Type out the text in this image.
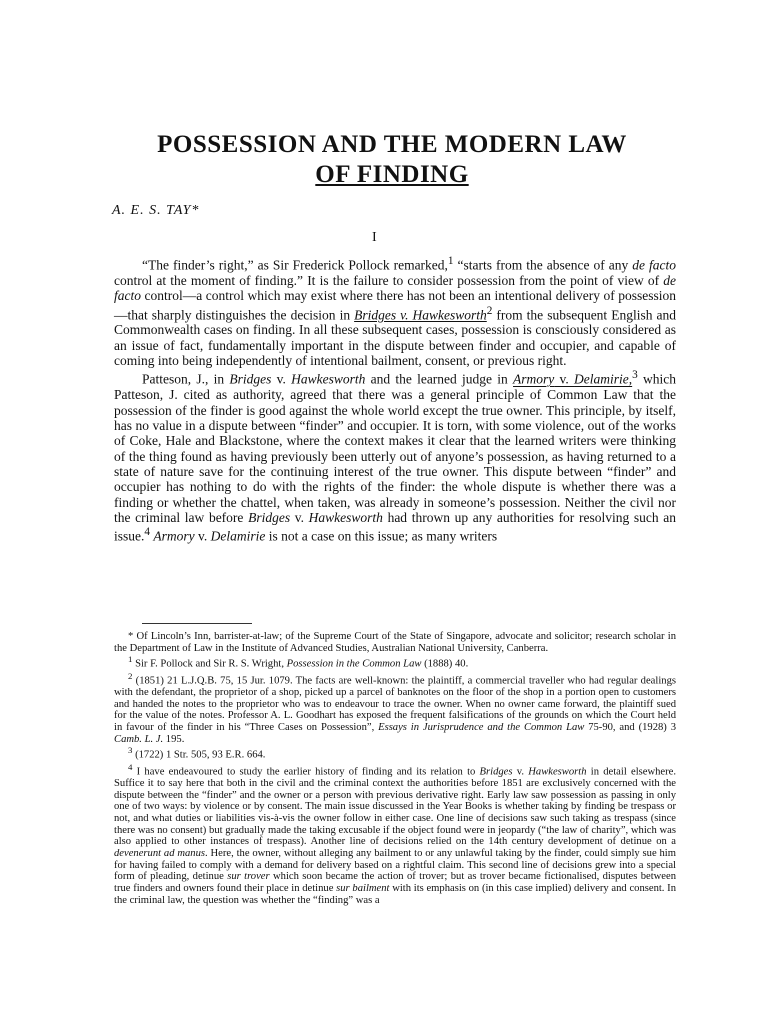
POSSESSION AND THE MODERN LAW
OF FINDING
A. E. S. TAY*
I

“The finder’s right,” as Sir Frederick Pollock remarked,$^1$ “starts from the absence of any de facto control at the moment of finding.” It is the failure to consider possession from the point of view of de facto control—a control which may exist where there has not been an intentional delivery of possession—that sharply distinguishes the decision in Bridges v. Hawkesworth$^2$ from the subsequent English and Commonwealth cases on finding. In all these subsequent cases, possession is consciously considered as an issue of fact, fundamentally important in the dispute between finder and occupier, and capable of coming into being independently of intentional bailment, consent, or previous right.

Patteson, J., in Bridges v. Hawkesworth and the learned judge in Armory v. Delamirie,$^3$ which Patteson, J. cited as authority, agreed that there was a general principle of Common Law that the possession of the finder is good against the whole world except the true owner. This principle, by itself, has no value in a dispute between “finder” and occupier. It is torn, with some violence, out of the works of Coke, Hale and Blackstone, where the context makes it clear that the learned writers were thinking of the thing found as having previously been utterly out of anyone’s possession, as having returned to a state of nature save for the continuing interest of the true owner. This dispute between “finder” and occupier has nothing to do with the rights of the finder: the whole dispute is whether there was a finding or whether the chattel, when taken, was already in someone’s possession. Neither the civil nor the criminal law before Bridges v. Hawkesworth had thrown up any authorities for resolving such an issue.$^4$ Armory v. Delamirie is not a case on this issue; as many writers

* Of Lincoln’s Inn, barrister-at-law; of the Supreme Court of the State of Singapore, advocate and solicitor; research scholar in the Department of Law in the Institute of Advanced Studies, Australian National University, Canberra.

$^1$ Sir F. Pollock and Sir R. S. Wright, Possession in the Common Law (1888) 40.

$^2$ (1851) 21 L.J.Q.B. 75, 15 Jur. 1079. The facts are well-known: the plaintiff, a commercial traveller who had regular dealings with the defendant, the proprietor of a shop, picked up a parcel of banknotes on the floor of the shop in a portion open to customers and handed the notes to the proprietor who was to endeavour to trace the owner. When no owner came forward, the plaintiff sued for the value of the notes. Professor A. L. Goodhart has exposed the frequent falsifications of the grounds on which the Court held in favour of the finder in his “Three Cases on Possession”, Essays in Jurisprudence and the Common Law 75-90, and (1928) 3 Camb. L. J. 195.

$^3$ (1722) 1 Str. 505, 93 E.R. 664.

$^4$ I have endeavoured to study the earlier history of finding and its relation to Bridges v. Hawkesworth in detail elsewhere. Suffice it to say here that both in the civil and the criminal context the authorities before 1851 are exclusively concerned with the dispute between the “finder” and the owner or a person with previous derivative right. Early law saw possession as passing in only one of two ways: by violence or by consent. The main issue discussed in the Year Books is whether taking by finding be trespass or not, and what duties or liabilities vis-à-vis the owner follow in either case. One line of decisions saw such taking as trespass (since there was no consent) but gradually made the taking excusable if the object found were in jeopardy (“the law of charity”, which was also applied to other instances of trespass). Another line of decisions relied on the 14th century development of detinue on a devenerunt ad manus. Here, the owner, without alleging any bailment to or any unlawful taking by the finder, could simply sue him for having failed to comply with a demand for delivery based on a rightful claim. This second line of decisions grew into a special form of pleading, detinue sur trover which soon became the action of trover; but as trover became fictionalised, disputes between true finders and owners found their place in detinue sur bailment with its emphasis on (in this case implied) delivery and consent. In the criminal law, the question was whether the “finding” was a
